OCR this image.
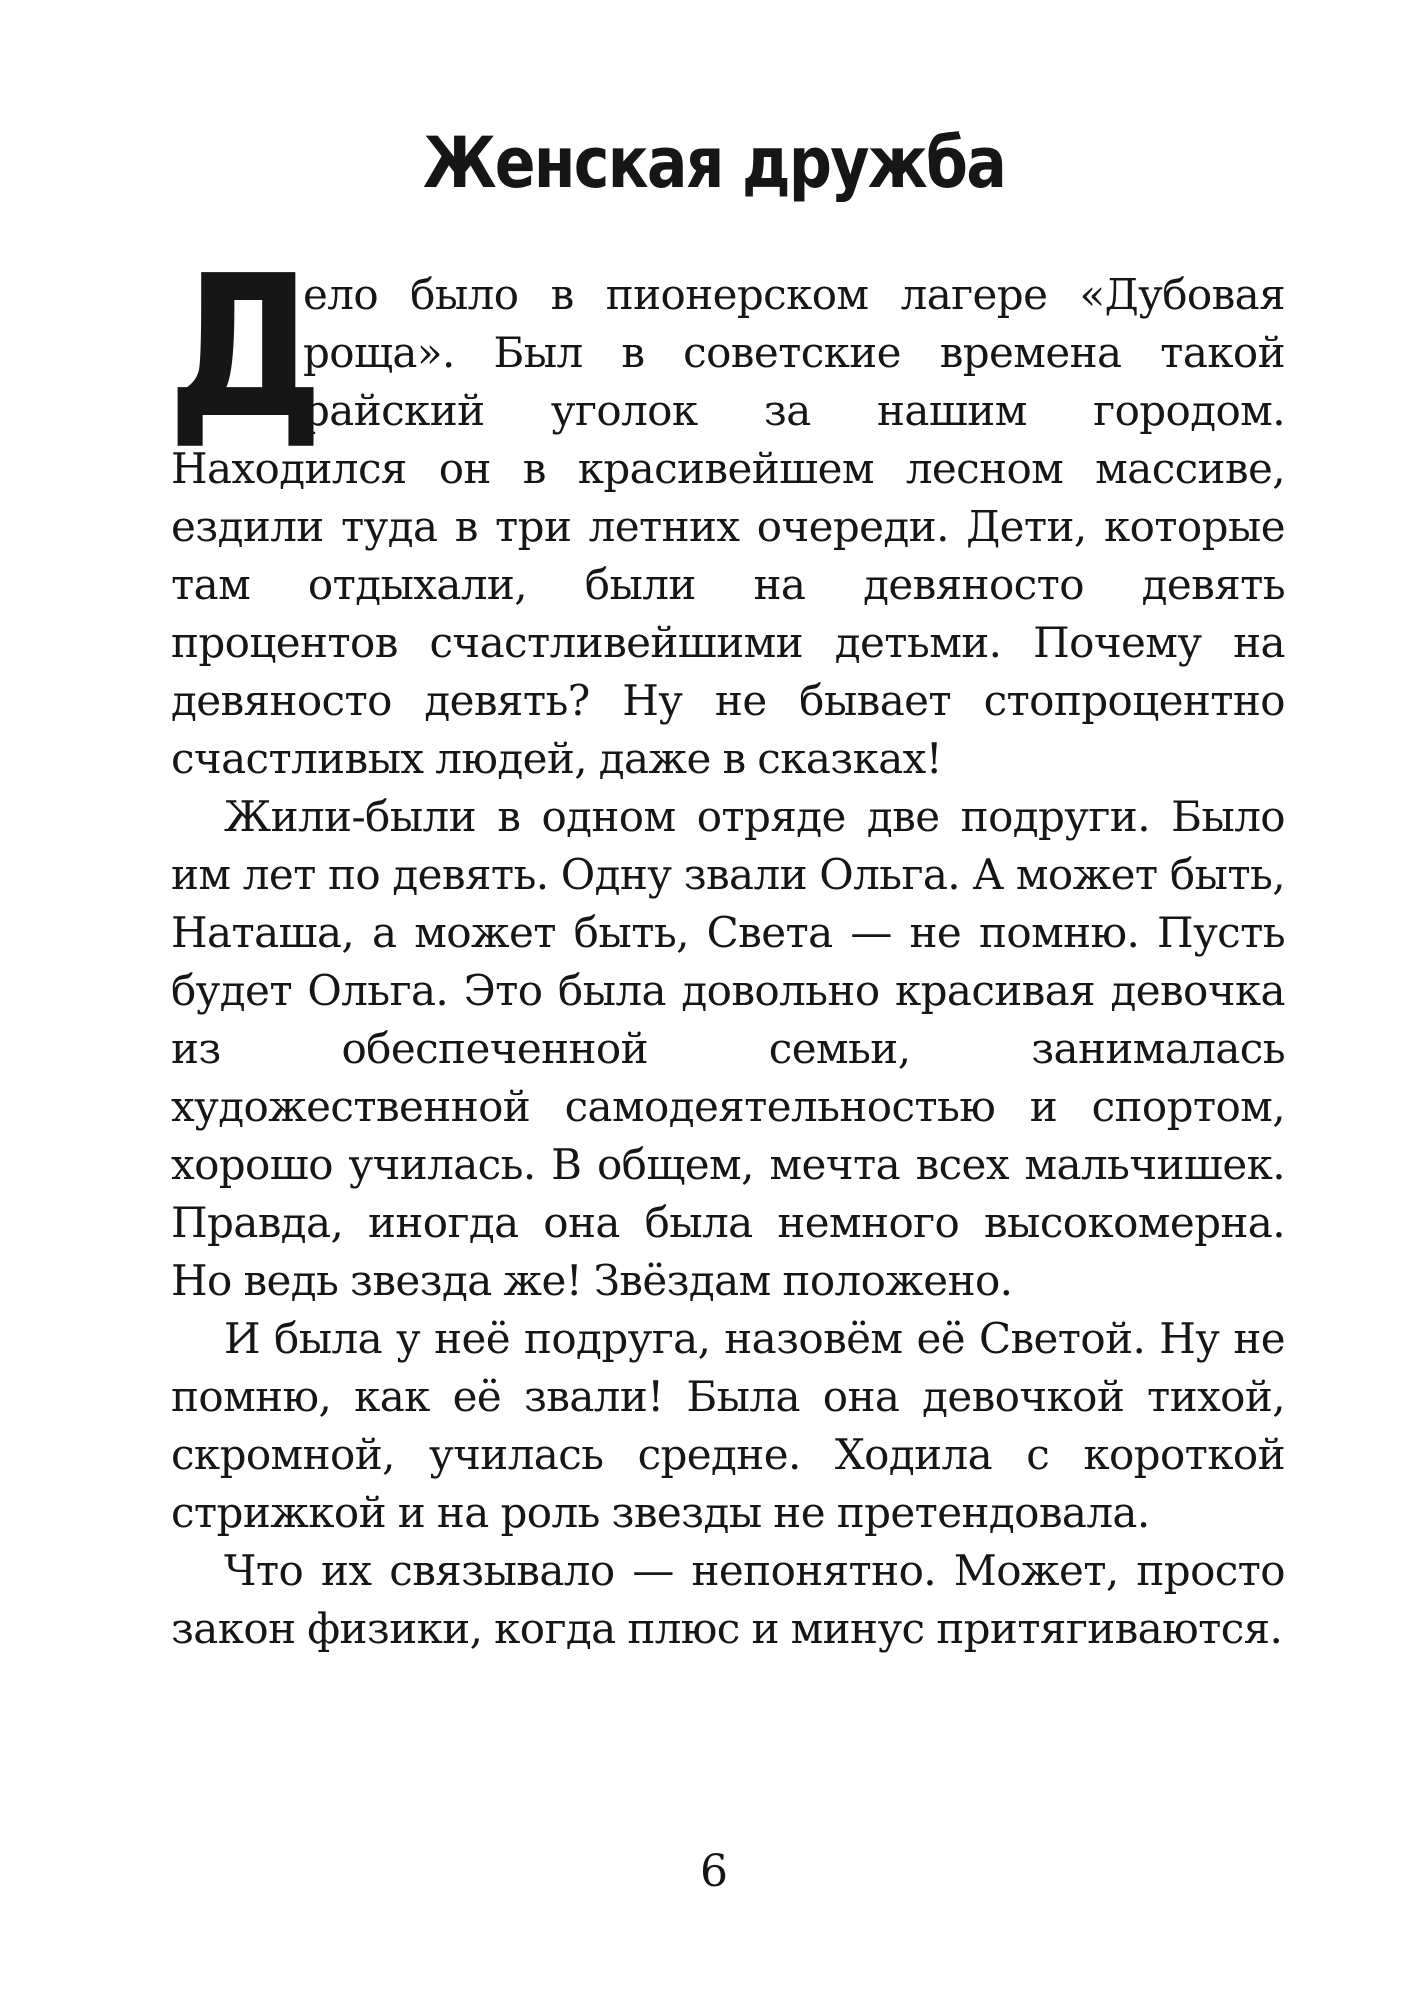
Женская дружба

Д
ело было в пионерском лагере «Дубовая роща». Был в советские времена такой райский уголок за нашим городом. Находился он в красивейшем лесном массиве, ездили туда в три летних очереди. Дети, которые там отдыхали, были на девяносто девять процентов счастливейшими детьми. Почему на девяносто девять? Ну не бывает стопроцентно счастливых людей, даже в сказках!

Жили-были в одном отряде две подруги. Было им лет по девять. Одну звали Ольга. А может быть, Наташа, а может быть, Света — не помню. Пусть будет Ольга. Это была довольно красивая девочка из обеспеченной семьи, занималась художественной самодеятельностью и спортом, хорошо училась. В общем, мечта всех мальчишек. Правда, иногда она была немного высокомерна. Но ведь звезда же! Звёздам положено.

И была у неё подруга, назовём её Светой. Ну не помню, как её звали! Была она девочкой тихой, скромной, училась средне. Ходила с короткой стрижкой и на роль звезды не претендовала.

Что их связывало — непонятно. Может, просто закон физики, когда плюс и минус притягиваются.

6
